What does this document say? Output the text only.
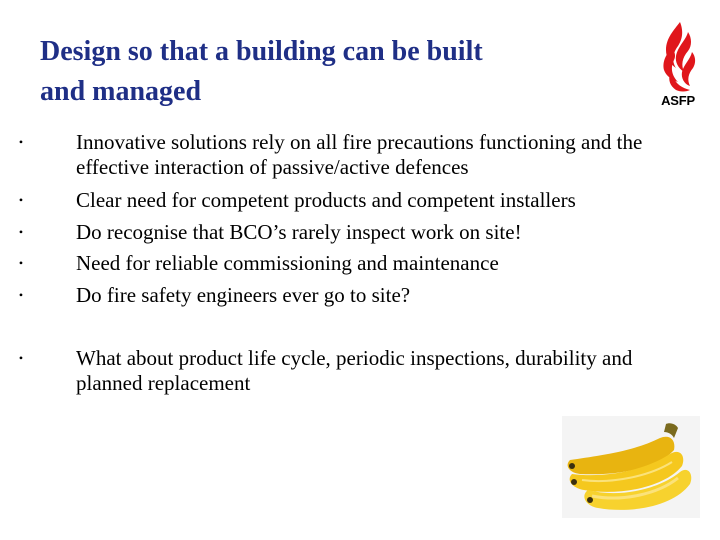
Design so that a building can be built
and managed	ASFP
•	Innovative solutions rely on all fire precautions functioning and the effective interaction of passive/active defences
•	Clear need for competent products and competent installers
•	Do recognise that BCO’s rarely inspect work on site!
•	Need for reliable commissioning and maintenance
•	Do fire safety engineers ever go to site?
•	What about product life cycle, periodic inspections, durability and planned replacement
